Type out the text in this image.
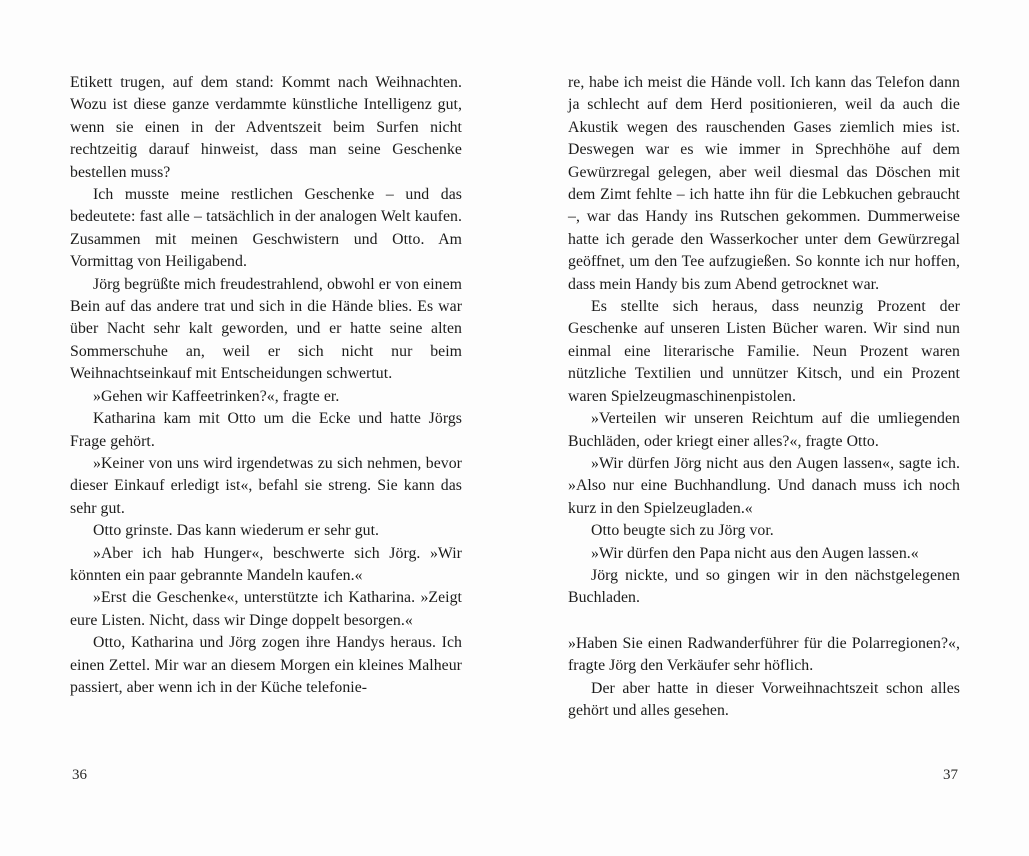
Etikett trugen, auf dem stand: Kommt nach Weihnachten. Wozu ist diese ganze verdammte künstliche Intelligenz gut, wenn sie einen in der Adventszeit beim Surfen nicht rechtzeitig darauf hinweist, dass man seine Geschenke bestellen muss?

Ich musste meine restlichen Geschenke – und das bedeutete: fast alle – tatsächlich in der analogen Welt kaufen. Zusammen mit meinen Geschwistern und Otto. Am Vormittag von Heiligabend.

Jörg begrüßte mich freudestrahlend, obwohl er von einem Bein auf das andere trat und sich in die Hände blies. Es war über Nacht sehr kalt geworden, und er hatte seine alten Sommerschuhe an, weil er sich nicht nur beim Weihnachtseinkauf mit Entscheidungen schwertut.

»Gehen wir Kaffeetrinken?«, fragte er.

Katharina kam mit Otto um die Ecke und hatte Jörgs Frage gehört.

»Keiner von uns wird irgendetwas zu sich nehmen, bevor dieser Einkauf erledigt ist«, befahl sie streng. Sie kann das sehr gut.

Otto grinste. Das kann wiederum er sehr gut.

»Aber ich hab Hunger«, beschwerte sich Jörg. »Wir könnten ein paar gebrannte Mandeln kaufen.«

»Erst die Geschenke«, unterstützte ich Katharina. »Zeigt eure Listen. Nicht, dass wir Dinge doppelt besorgen.«

Otto, Katharina und Jörg zogen ihre Handys heraus. Ich einen Zettel. Mir war an diesem Morgen ein kleines Malheur passiert, aber wenn ich in der Küche telefonie-

36

re, habe ich meist die Hände voll. Ich kann das Telefon dann ja schlecht auf dem Herd positionieren, weil da auch die Akustik wegen des rauschenden Gases ziemlich mies ist. Deswegen war es wie immer in Sprechhöhe auf dem Gewürzregal gelegen, aber weil diesmal das Döschen mit dem Zimt fehlte – ich hatte ihn für die Lebkuchen gebraucht –, war das Handy ins Rutschen gekommen. Dummerweise hatte ich gerade den Wasserkocher unter dem Gewürzregal geöffnet, um den Tee aufzugießen. So konnte ich nur hoffen, dass mein Handy bis zum Abend getrocknet war.

Es stellte sich heraus, dass neunzig Prozent der Geschenke auf unseren Listen Bücher waren. Wir sind nun einmal eine literarische Familie. Neun Prozent waren nützliche Textilien und unnützer Kitsch, und ein Prozent waren Spielzeugmaschinenpistolen.

»Verteilen wir unseren Reichtum auf die umliegenden Buchläden, oder kriegt einer alles?«, fragte Otto.

»Wir dürfen Jörg nicht aus den Augen lassen«, sagte ich. »Also nur eine Buchhandlung. Und danach muss ich noch kurz in den Spielzeugladen.«

Otto beugte sich zu Jörg vor.

»Wir dürfen den Papa nicht aus den Augen lassen.«

Jörg nickte, und so gingen wir in den nächstgelegenen Buchladen.

»Haben Sie einen Radwanderführer für die Polarregionen?«, fragte Jörg den Verkäufer sehr höflich.

Der aber hatte in dieser Vorweihnachtszeit schon alles gehört und alles gesehen.

37
